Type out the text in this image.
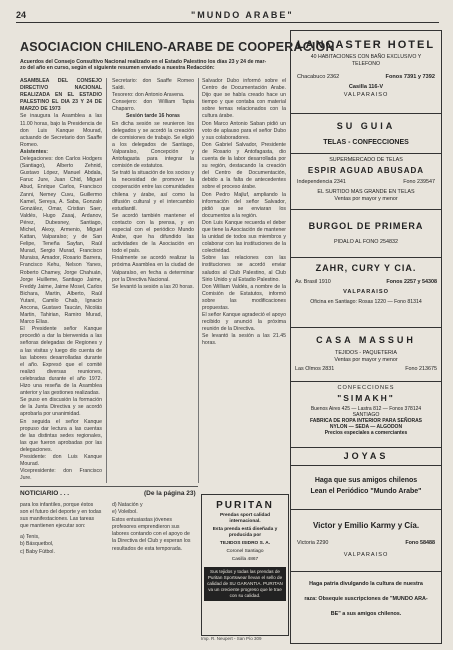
24	"MUNDO ARABE"
ASOCIACION CHILENO-ARABE DE COOPERACION
Acuerdos del Consejo Consultivo Nacional realizado en el Estado Palestino los días 23 y 24 de mar-
zo del año en curso, según el siguiente resumen enviado a nuestra Redacción:

ASAMBLEA DEL CONSEJO DIRECTIVO NACIONAL REALIZADA EN EL ESTADIO PALESTINO EL DIA 23 Y 24 DE MARZO DE 1973

Se inaugura la Asamblea a las 11.00 horas, bajo la Presidencia de don Luis Kanque Mourad, actuando de Secretario don Saaffe Romeo.

Asistentes:

Delegaciones: don Carlos Hodgers (Santiago), Alberto Zehnid, Gustavo López, Manuel Abdala, Faruc Jure, Juan Chid, Miguel Abud, Enrique Carlos, Francisco Zanni, Nemey Cuvu, Guillermo Kamel, Sereya, A. Saba, Gonzalo González, Omar, Cristian Saer, Valdés, Hugo Zasaj, Ardanov, Pérez, Dubesney, Santiago, Michel, Alexy, Armenio, Miguel Kattan, Valparaíso; y de San Felipe, Teneña Sayfan, Raúl Murad, Sergio Murad, Francisco Muraiss, Amador, Rosario Barrera, Francisco Kehu, Nelson Yanes, Roberto Chamey, Jorge Chahuán, Jorge Huilleme, Santiago Jaime, Freddy Jaime, Jaime Mosel, Carlos Bichara, Martin, Alberto, Raúl Yutani, Camilo Chab, Ignacio Ancona, Gustavo Taucán, Nicolás Martin, Tahirian, Ramiro Murad, Marco Elías.

El Presidente señor Kanque procedió a dar la bienvenida a las señoras delegadas de Regiones y a las visitas y luego dio cuenta de las labores desarrolladas durante el año. Expresó que el comité realizó diversas reuniones, celebradas durante el año 1972. Hizo una reseña de la Asamblea anterior y las gestiones realizadas.

Se puso en discusión la formación de la Junta Directiva y se acordó aprobarla por unanimidad.

En seguida el señor Kanque propuso dar lectura a las cuentas de las distintas sedes regionales, las que fueron aprobadas por las delegaciones.

Presidente: don Luis Kanque Mourad.

Vicepresidente: don Francisco Jure.

Secretario: don Saaffe Romeo Saldi.

Tesorero: don Antonio Aravena.

Consejero: don William Tapia Chaparro.

Sesión tarde 16 horas

En dicha sesión se reunieron los delegados y se acordó la creación de comisiones de trabajo. Se eligió a los delegados de Santiago, Valparaíso, Concepción y Antofagasta para integrar la comisión de estatutos.

Se trató la situación de los socios y la necesidad de promover la cooperación entre las comunidades chilena y árabe, así como la difusión cultural y el intercambio estudiantil.

Se acordó también mantener el contacto con la prensa, y en especial con el periódico Mundo Arabe, que ha difundido las actividades de la Asociación en todo el país.

Finalmente se acordó realizar la próxima Asamblea en la ciudad de Valparaíso, en fecha a determinar por la Directiva Nacional.

Se levantó la sesión a las 20 horas.

Salvador Dubo informó sobre el Centro de Documentación Arabe. Dijo que se había creado hace un tiempo y que contaba con material sobre temas relacionados con la cultura árabe.

Don Marco Antonio Saban pidió un voto de aplauso para el señor Dubo y sus colaboradores.

Don Gabriel Salvador, Presidente de Rosario y Antofagasta, dio cuenta de la labor desarrollada por su región, destacando la creación del Centro de Documentación, debido a la falta de antecedentes sobre el proceso árabe.

Don Pedro Majluf, ampliando la información del señor Salvador, pidió que se enviaran los documentos a la región.

Don Luis Kanque recuerda el deber que tiene la Asociación de mantener la unidad de todos sus miembros y colaborar con las instituciones de la colectividad.

Sobre las relaciones con las instituciones se acordó enviar saludos al Club Palestino, al Club Sirio Unido y al Estadio Palestino.

Don William Valdés, a nombre de la Comisión de Estatutos, informó sobre las modificaciones propuestas.

El señor Kanque agradeció el apoyo recibido y anunció la próxima reunión de la Directiva.

Se levantó la sesión a las 21.45 horas.

NOTICIARIO . . .	(De la página 23)
para los infantiles, porque éstos son el futuro del deporte y en todas sus manifestaciones. Las tareas que mantienen ejecutar son:
a) Tenis,
b) Básquetbol,
c) Baby Fútbol.
d) Natación y
e) Voleibol.
Estos entusiastas jóvenes profesores emprendieron sus labores contando con el apoyo de la Directiva del Club y esperan los resultados de esta temporada.
PURITAN
Prendas sport calidad internacional.
Esta prenda está diseñada y producida por
TEJIDOS ISIDRO S. A.
Coronel Santiago
Casilla 4867
Sus tejidos y todas las prendas de Puritan Sportswear llevan el sello de calidad de SU GARANTIA. PURITAN va un creciente progreso que le trae con su calidad.
Imp. R. Neupert - San Pío 309
LANCASTER HOTEL
40 HABITACIONES CON BAÑO EXCLUSIVO Y TELEFONO
Chacabuco 2362	Fonos 7391 y 7392
Casilla 116-V
VALPARAISO
SU GUIA
TELAS - CONFECCIONES
SUPERMERCADO DE TELAS
ESPIR AGUAD ABUSADA
Independencia 2341	Fono 239547
EL SURTIDO MAS GRANDE EN TELAS
Ventas por mayor y menor
BURGOL DE PRIMERA
PIDALO AL FONO 254832
ZAHR, CURY Y CIA.
Av. Brasil 1910	Fonos 2257 y 54308
VALPARAISO
Oficina en Santiago: Rosas 1220 — Fono 81314
CASA MASSUH
TEJIDOS - PAQUETERIA
Ventas por mayor y menor
Las Olmos 2831	Fono 213675
CONFECCIONES
"SIMAKH"
Buenos Aires 425 — Lastra 812 — Fonos 378124
SANTIAGO
FABRICA DE ROPA INTERIOR PARA SEÑORAS
NYLON — SEDA — ALGODON
Precios especiales a comerciantes
JOYAS
Haga que sus amigos chilenos
Lean el Periódico "Mundo Arabe"
Victor y Emilio Karmy y Cía.
Victoria 2290	Fono 58488
VALPARAISO
Haga patria divulgando la cultura de nuestra
raza: Obsequie suscripciones de "MUNDO ARA-
BE" a sus amigos chilenos.
